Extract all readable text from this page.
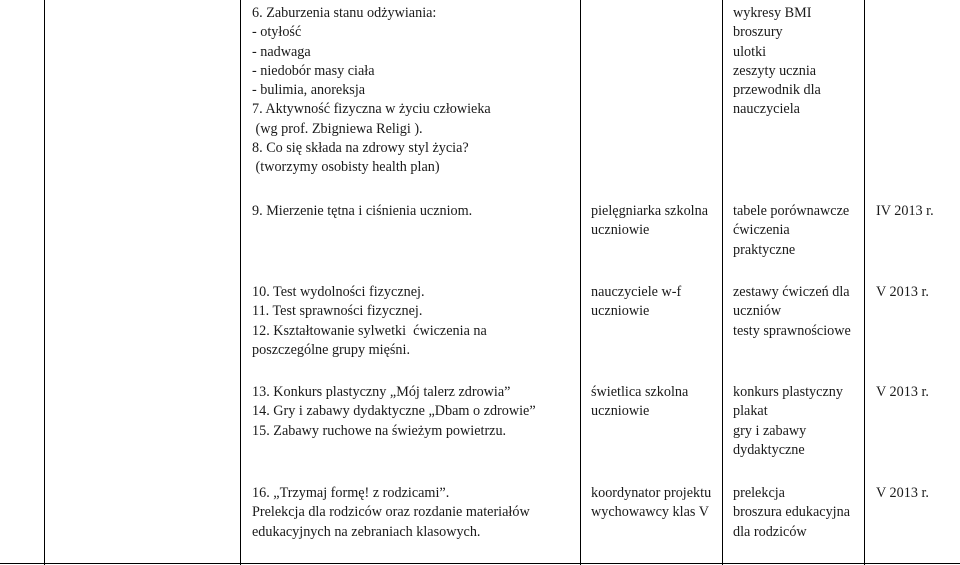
6. Zaburzenia stanu odżywiania:
- otyłość
- nadwaga
- niedobór masy ciała
- bulimia, anoreksja
7. Aktywność fizyczna w życiu człowieka
(wg prof. Zbigniewa Religi ).
8. Co się składa na zdrowy styl życia?
(tworzymy osobisty health plan)
wykresy BMI
broszury
ulotki
zeszyty ucznia
przewodnik dla
nauczyciela
9. Mierzenie tętna i ciśnienia uczniom.	pielęgniarka szkolna
uczniowie
tabele porównawcze
ćwiczenia
praktyczne
IV 2013 r.
10. Test wydolności fizycznej.
11. Test sprawności fizycznej.
12. Kształtowanie sylwetki  ćwiczenia na
poszczególne grupy mięśni.
nauczyciele w-f
uczniowie
zestawy ćwiczeń dla
uczniów
testy sprawnościowe
V 2013 r.
13. Konkurs plastyczny „Mój talerz zdrowia”
14. Gry i zabawy dydaktyczne „Dbam o zdrowie”
15. Zabawy ruchowe na świeżym powietrzu.
świetlica szkolna
uczniowie
konkurs plastyczny
plakat
gry i zabawy
dydaktyczne
V 2013 r.
16. „Trzymaj formę! z rodzicami”.
Prelekcja dla rodziców oraz rozdanie materiałów
edukacyjnych na zebraniach klasowych.
koordynator projektu
wychowawcy klas V
prelekcja
broszura edukacyjna
dla rodziców
V 2013 r.
